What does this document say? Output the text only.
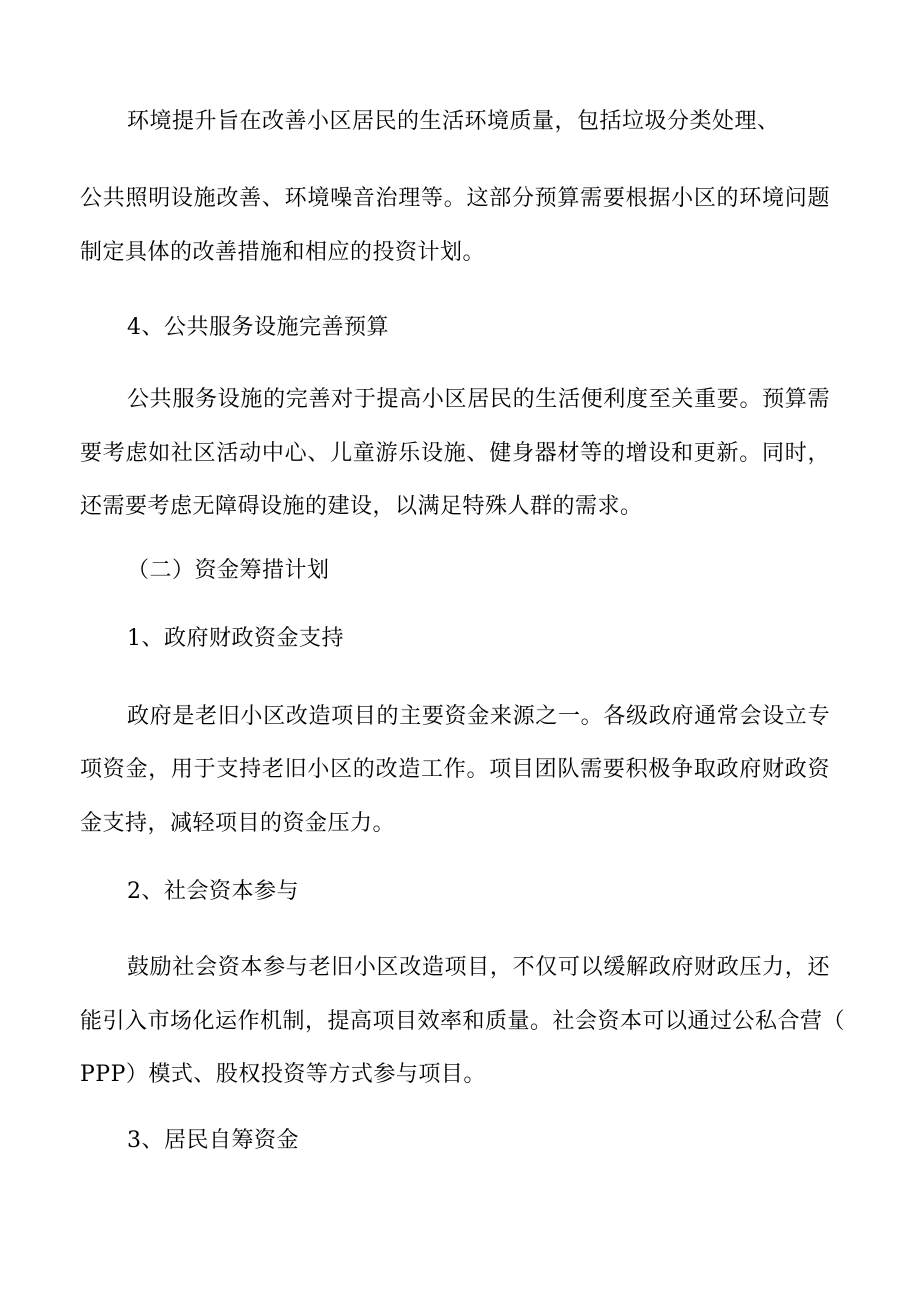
环境提升旨在改善小区居民的生活环境质量，包括垃圾分类处理、
公共照明设施改善、环境噪音治理等。这部分预算需要根据小区的环境问题
制定具体的改善措施和相应的投资计划。
4、公共服务设施完善预算
公共服务设施的完善对于提高小区居民的生活便利度至关重要。预算需
要考虑如社区活动中心、儿童游乐设施、健身器材等的增设和更新。同时，
还需要考虑无障碍设施的建设，以满足特殊人群的需求。
（二）资金筹措计划
1、政府财政资金支持
政府是老旧小区改造项目的主要资金来源之一。各级政府通常会设立专
项资金，用于支持老旧小区的改造工作。项目团队需要积极争取政府财政资
金支持，减轻项目的资金压力。
2、社会资本参与
鼓励社会资本参与老旧小区改造项目，不仅可以缓解政府财政压力，还
能引入市场化运作机制，提高项目效率和质量。社会资本可以通过公私合营（
PPP）模式、股权投资等方式参与项目。
3、居民自筹资金
